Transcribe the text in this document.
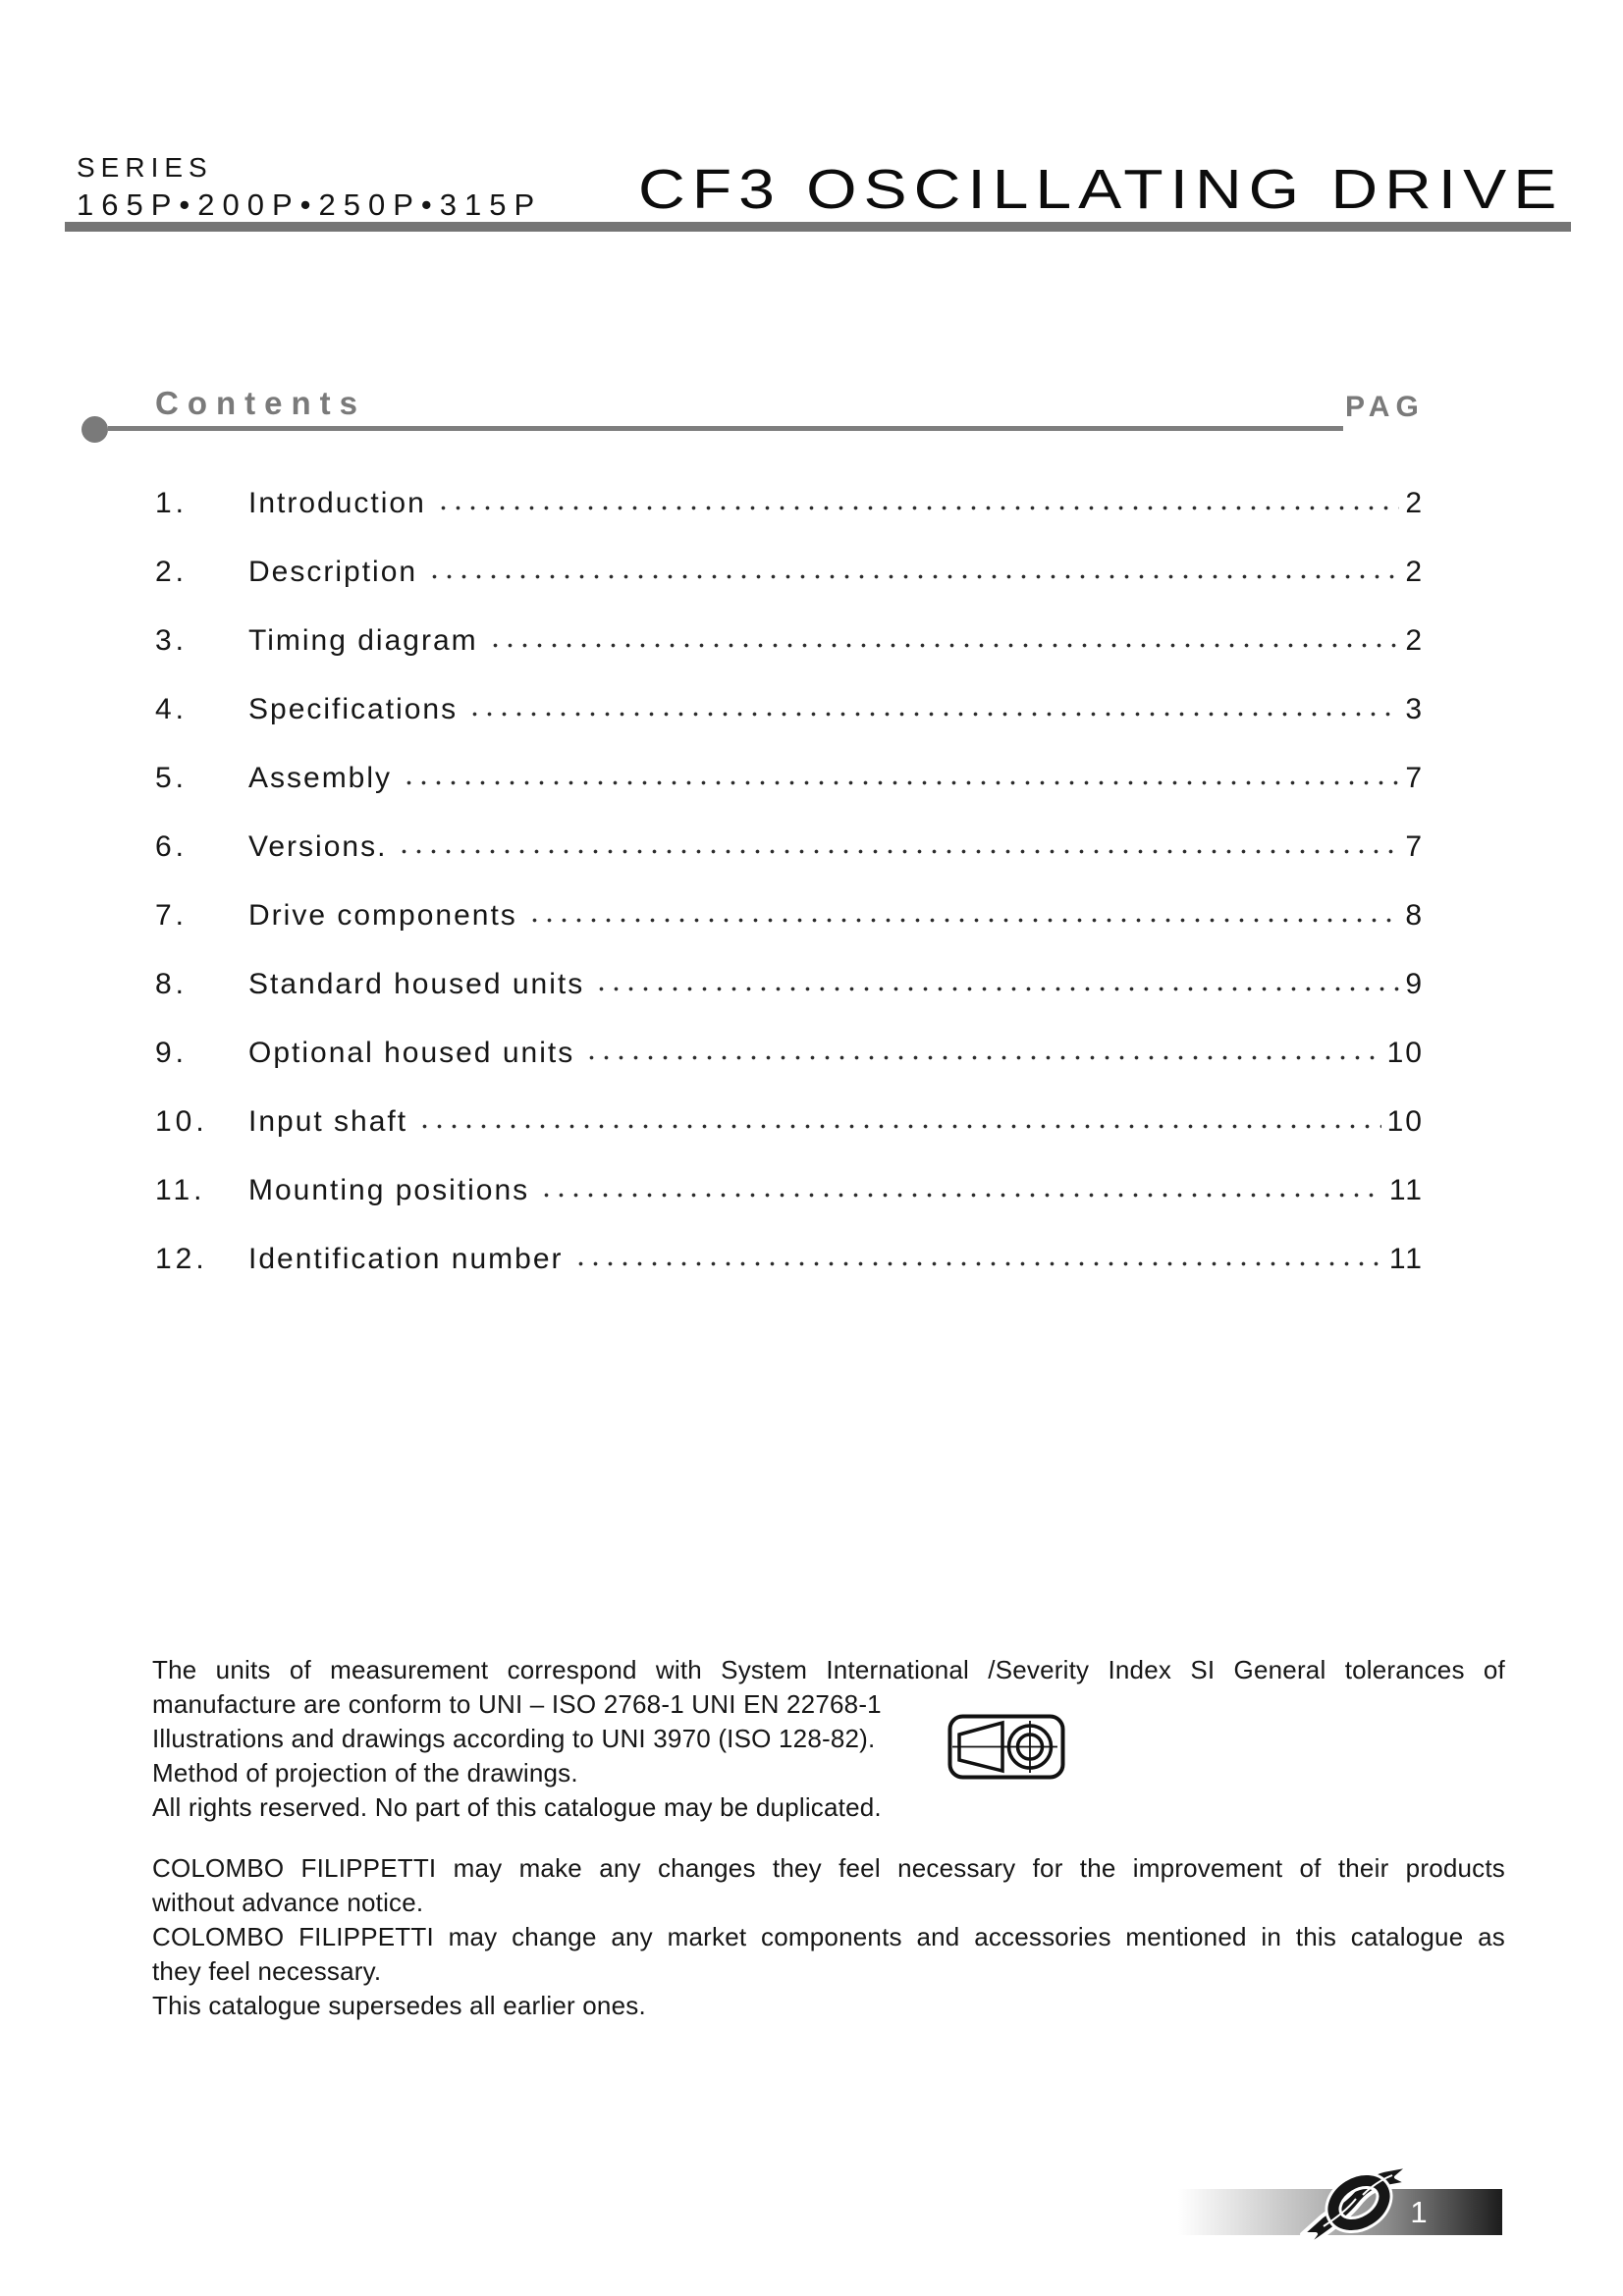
SERIES
165P•200P•250P•315P CF3 OSCILLATING DRIVE
Contents	PAG
1.	Introduction	2
2.	Description	2
3.	Timing diagram	2
4.	Specifications	3
5.	Assembly	7
6.	Versions.	7
7.	Drive components	8
8.	Standard housed units	9
9.	Optional housed units	10
10.	Input shaft	10
11.	Mounting positions	11
12.	Identification number	11
The units of measurement correspond with System International /Severity Index SI General tolerances of
manufacture are conform to UNI – ISO 2768-1 UNI EN 22768-1
Illustrations and drawings according to UNI 3970 (ISO 128-82).
Method of projection of the drawings.
All rights reserved. No part of this catalogue may be duplicated.
COLOMBO FILIPPETTI may make any changes they feel necessary for the improvement of their products
without advance notice.
COLOMBO FILIPPETTI may change any market components and accessories mentioned in this catalogue as
they feel necessary.
This catalogue supersedes all earlier ones.
1
